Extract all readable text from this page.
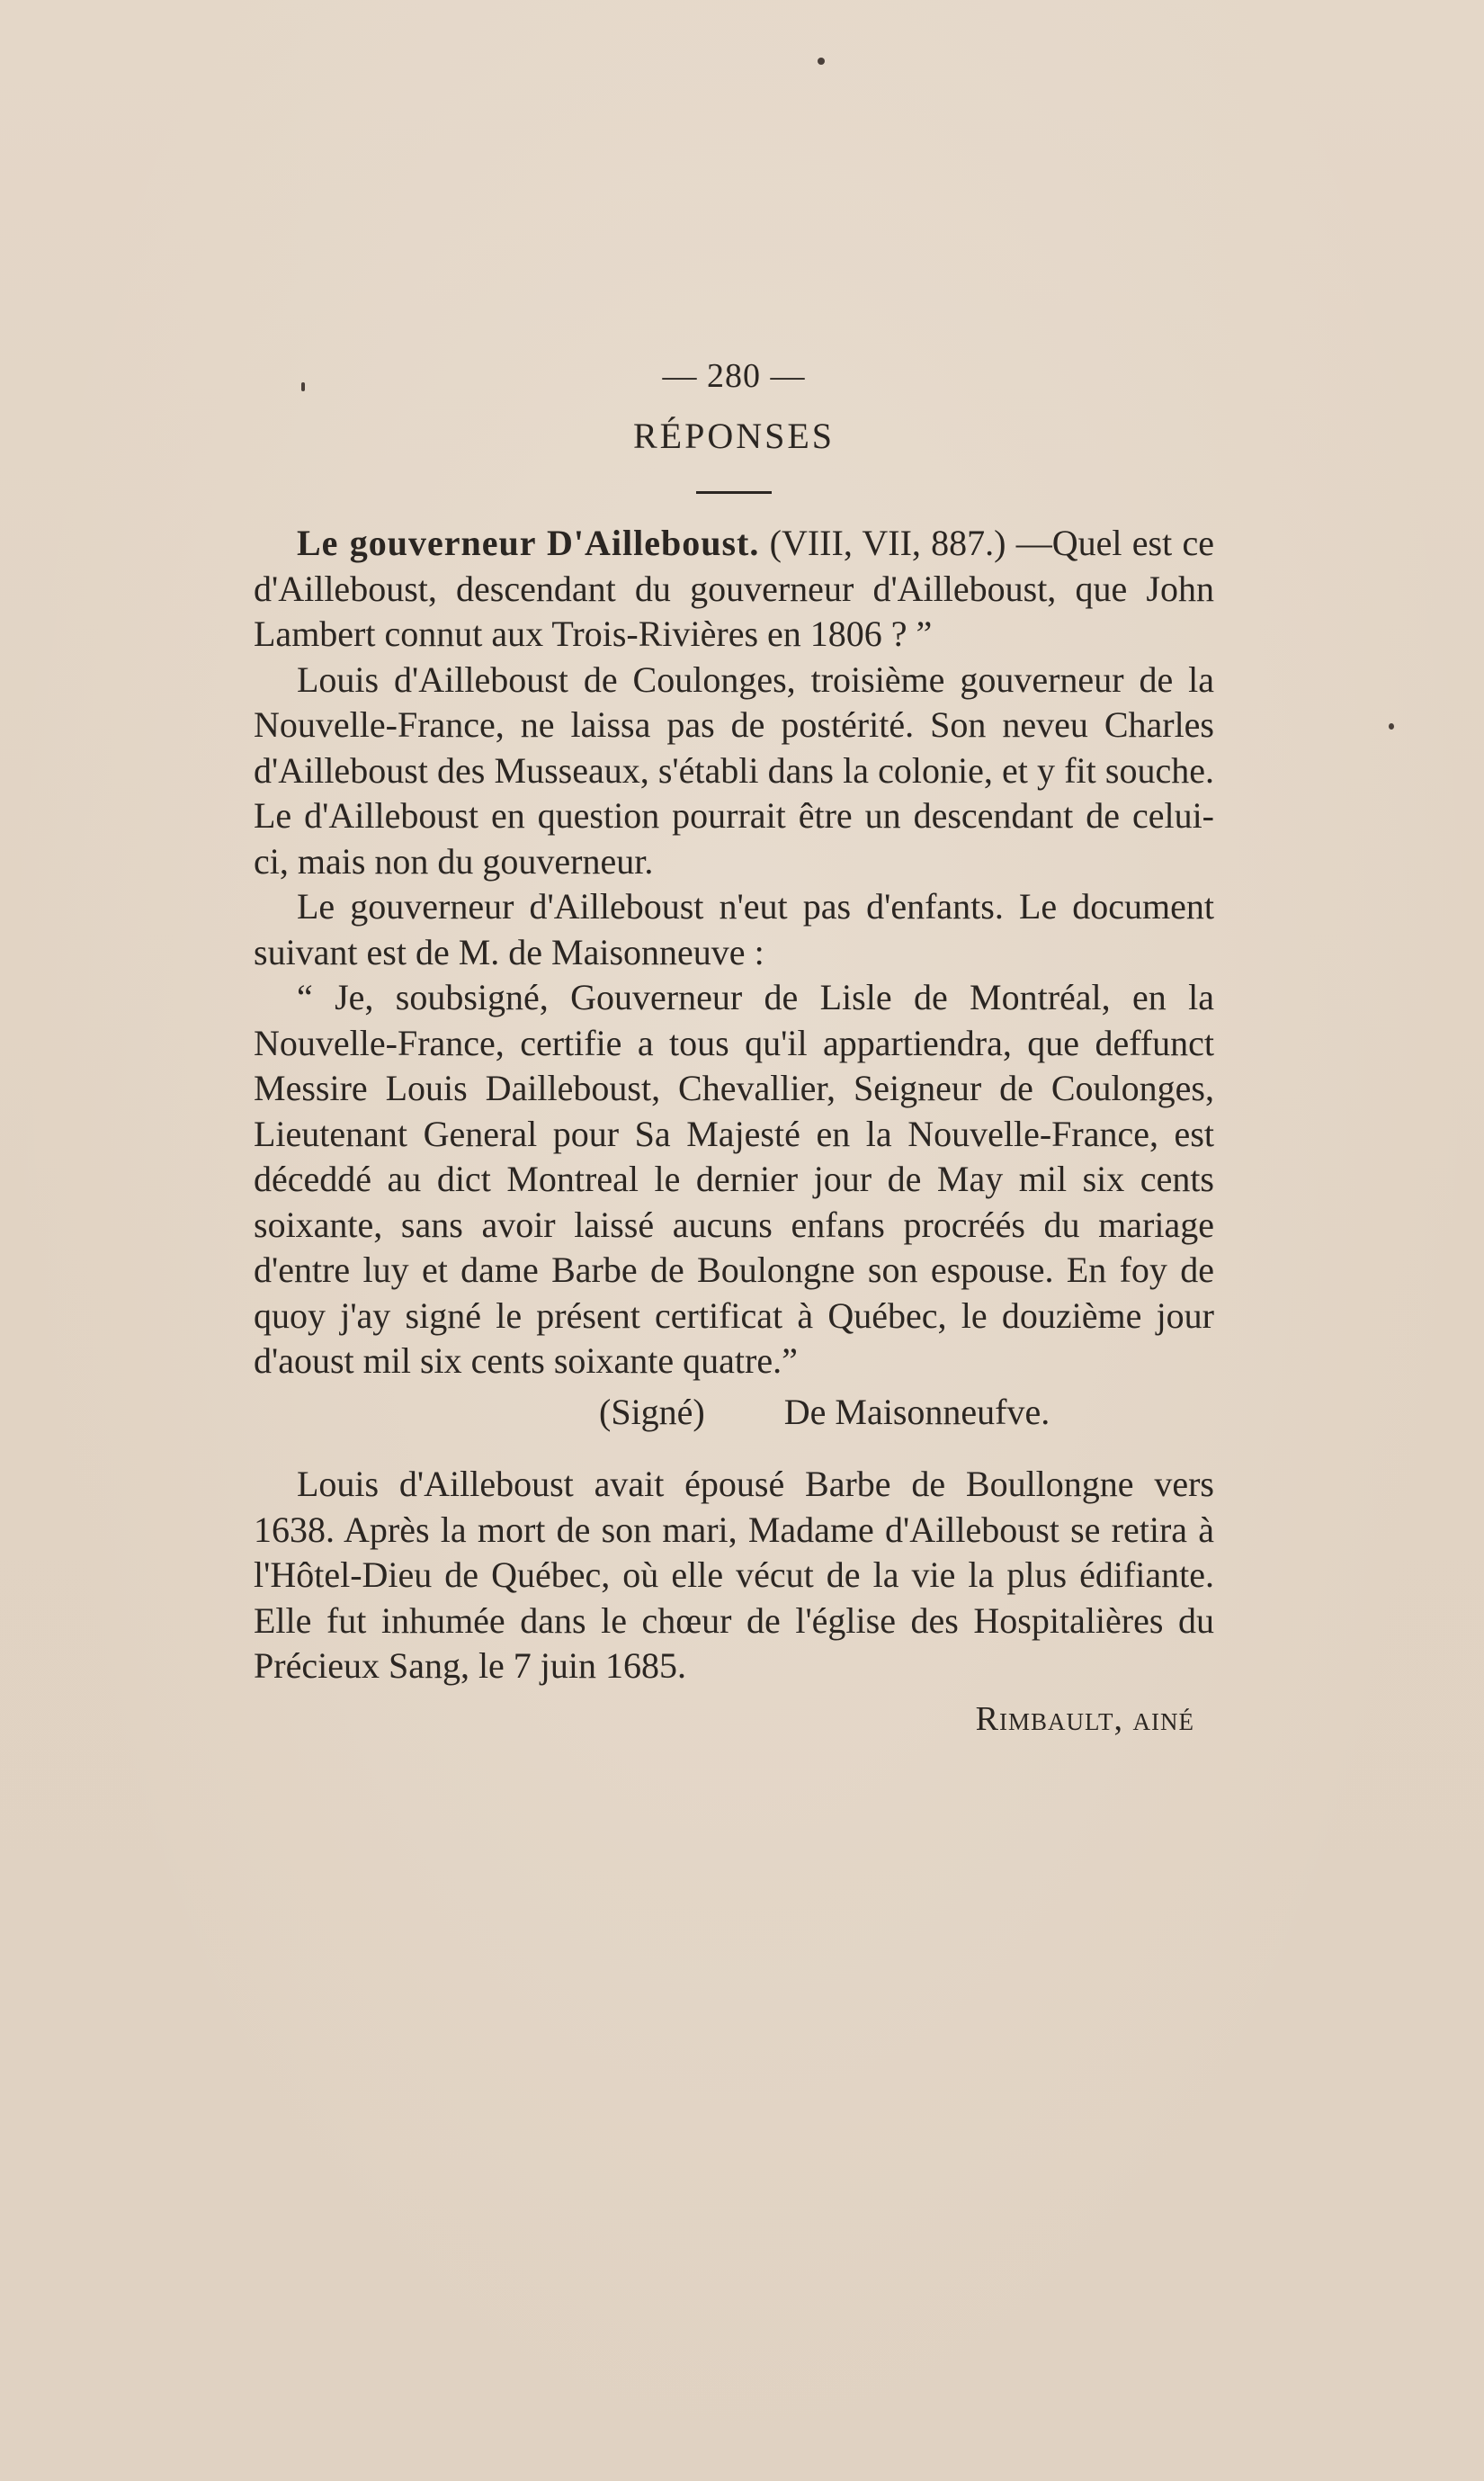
— 280 —
RÉPONSES

Le gouverneur D'Ailleboust. (VIII, VII, 887.) —Quel est ce d'Ailleboust, descendant du gouverneur d'Ailleboust, que John Lambert connut aux Trois-Rivières en 1806 ? ”

Louis d'Ailleboust de Coulonges, troisième gouverneur de la Nouvelle-France, ne laissa pas de postérité. Son neveu Charles d'Ailleboust des Musseaux, s'établi dans la colonie, et y fit souche. Le d'Ailleboust en question pourrait être un descendant de celui-ci, mais non du gouverneur.

Le gouverneur d'Ailleboust n'eut pas d'enfants. Le document suivant est de M. de Maisonneuve :

“ Je, soubsigné, Gouverneur de Lisle de Montréal, en la Nouvelle-France, certifie a tous qu'il appartiendra, que deffunct Messire Louis Dailleboust, Chevallier, Seigneur de Coulonges, Lieutenant General pour Sa Majesté en la Nouvelle-France, est déceddé au dict Montreal le dernier jour de May mil six cents soixante, sans avoir laissé aucuns enfans procréés du mariage d'entre luy et dame Barbe de Boulongne son espouse. En foy de quoy j'ay signé le présent certificat à Québec, le douzième jour d'aoust mil six cents soixante quatre.”

(Signé) De Maisonneufve.

Louis d'Ailleboust avait épousé Barbe de Boullongne vers 1638. Après la mort de son mari, Madame d'Ailleboust se retira à l'Hôtel-Dieu de Québec, où elle vécut de la vie la plus édifiante. Elle fut inhumée dans le chœur de l'église des Hospitalières du Précieux Sang, le 7 juin 1685.

Rimbault, ainé
